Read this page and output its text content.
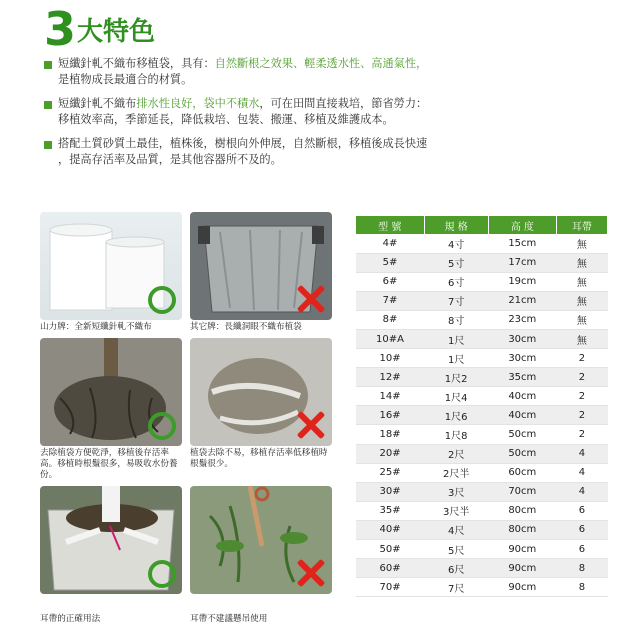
3 大特色
短纖針軋不織布移植袋，具有：自然斷根之效果、輕柔透水性、高通氣性，
是植物成長最適合的材質。
短纖針軋不織布排水性良好，袋中不積水，可在田間直接栽培，節省勞力：
移植效率高，季節延長，降低栽培、包裝、搬運、移植及維護成本。
搭配土質砂質土最佳，植株後，樹根向外伸展，自然斷根，移植後成長快速
，提高存活率及品質，是其他容器所不及的。
山力牌：全新短纖針軋不織布	其它牌：長纖洞眼不織布植袋
去除植袋方便乾淨，移植後存活率高。移植時根鬚很多，易吸收水份養份。
植袋去除不易，移植存活率低移植時根鬚很少。
耳帶的正確用法	耳帶不建議懸吊使用
型 號	規 格	高 度	耳帶
4#	4寸	15cm	無
5#	5寸	17cm	無
6#	6寸	19cm	無
7#	7寸	21cm	無
8#	8寸	23cm	無
10#A	1尺	30cm	無
10#	1尺	30cm	2
12#	1尺2	35cm	2
14#	1尺4	40cm	2
16#	1尺6	40cm	2
18#	1尺8	50cm	2
20#	2尺	50cm	4
25#	2尺半	60cm	4
30#	3尺	70cm	4
35#	3尺半	80cm	6
40#	4尺	80cm	6
50#	5尺	90cm	6
60#	6尺	90cm	8
70#	7尺	90cm	8
